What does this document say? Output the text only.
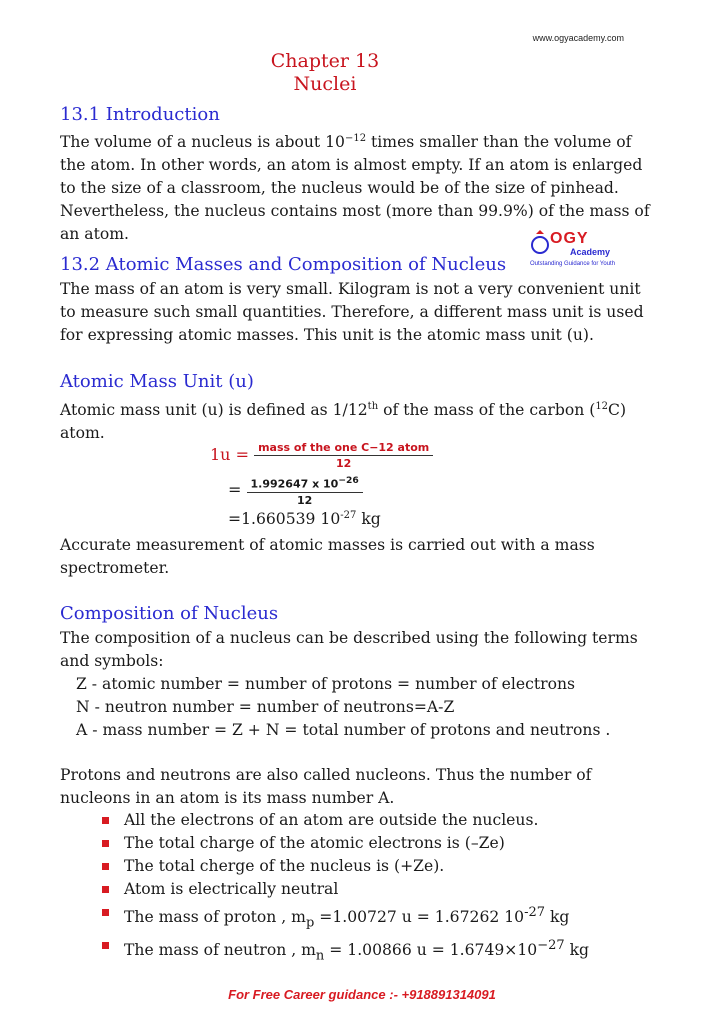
www.ogyacademy.com
Chapter 13
Nuclei
13.1 Introduction

The volume of a nucleus is about $10^{-12}$ times smaller than the volume of the atom. In other words, an atom is almost empty. If an atom is enlarged to the size of a classroom, the nucleus would be of the size of pinhead. Nevertheless, the nucleus contains most (more than 99.9%) of the mass of an atom.	OGY
Academy
Outstanding Guidance for Youth
13.2 Atomic Masses and Composition of Nucleus

The mass of an atom is very small. Kilogram is not a very convenient unit to measure such small quantities. Therefore, a different mass unit is used for expressing atomic masses. This unit is the atomic mass unit (u).

Atomic Mass Unit (u)

Atomic mass unit (u) is defined as 1/12th of the mass of the carbon ($^{12}$C) atom.

$1u = \frac{\text{mass of the one C−12 atom}}{12}$
= $\frac{1.992647 x 10^{-26}}{12}$
=1.660539 $10^{-27}$ kg

Accurate measurement of atomic masses is carried out with a mass spectrometer.

Composition of Nucleus

The composition of a nucleus can be described using the following terms and symbols:

Z - atomic number = number of protons = number of electrons
N - neutron number = number of neutrons=A-Z
A - mass number = Z + N = total number of protons and neutrons .

Protons and neutrons are also called nucleons. Thus the number of nucleons in an atom is its mass number A.

All the electrons of an atom are outside the nucleus.
The total charge of the atomic electrons is (–Ze)
The total cherge of the nucleus is (+Ze).
Atom is electrically neutral
The mass of proton , $m_p =1.00727$ u = 1.67262 $10^{-27}$ kg
The mass of neutron , $m_n = 1.00866$ $u = 1.6749\times 10^{-27}$ kg
For Free Career guidance :- +918891314091
